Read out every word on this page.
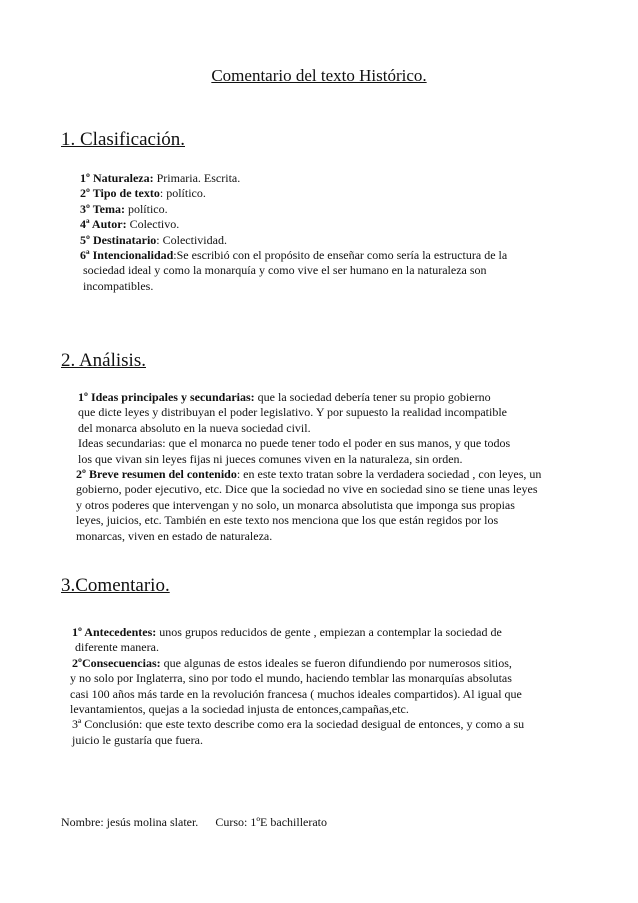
Comentario del texto Histórico.
1. Clasificación.
1º Naturaleza: Primaria. Escrita.
2º Tipo de texto: político.
3º Tema: político.
4ª Autor: Colectivo.
5º Destinatario: Colectividad.
6ª Intencionalidad:Se escribió con el propósito de enseñar como sería la estructura de la
sociedad ideal y como la monarquía y como vive el ser humano en la naturaleza son
incompatibles.
2. Análisis.
1º Ideas principales y secundarias: que la sociedad debería tener su propio gobierno
que dicte leyes y distribuyan el poder legislativo. Y por supuesto la realidad incompatible
del monarca absoluto en la nueva sociedad civil.
Ideas secundarias: que el monarca no puede tener todo el poder en sus manos, y que todos
los que vivan sin leyes fijas ni jueces comunes viven en la naturaleza, sin orden.
2º Breve resumen del contenido: en este texto tratan sobre la verdadera sociedad , con leyes, un
gobierno, poder ejecutivo, etc. Dice que la sociedad no vive en sociedad sino se tiene unas leyes
y otros poderes que intervengan y no solo, un monarca absolutista que imponga sus propias
leyes, juicios, etc. También en este texto nos menciona que los que están regidos por los
monarcas, viven en estado de naturaleza.
3.Comentario.
1º Antecedentes: unos grupos reducidos de gente , empiezan a contemplar la sociedad de
diferente manera.
2ºConsecuencias: que algunas de estos ideales se fueron difundiendo por numerosos sitios,
y no solo por Inglaterra, sino por todo el mundo, haciendo temblar las monarquías absolutas
casi 100 años más tarde en la revolución francesa ( muchos ideales compartidos). Al igual que
levantamientos, quejas a la sociedad injusta de entonces,campañas,etc.
3ª Conclusión: que este texto describe como era la sociedad desigual de entonces, y como a su
juicio le gustaría que fuera.
Nombre: jesús molina slater. Curso: 1ºE bachillerato
